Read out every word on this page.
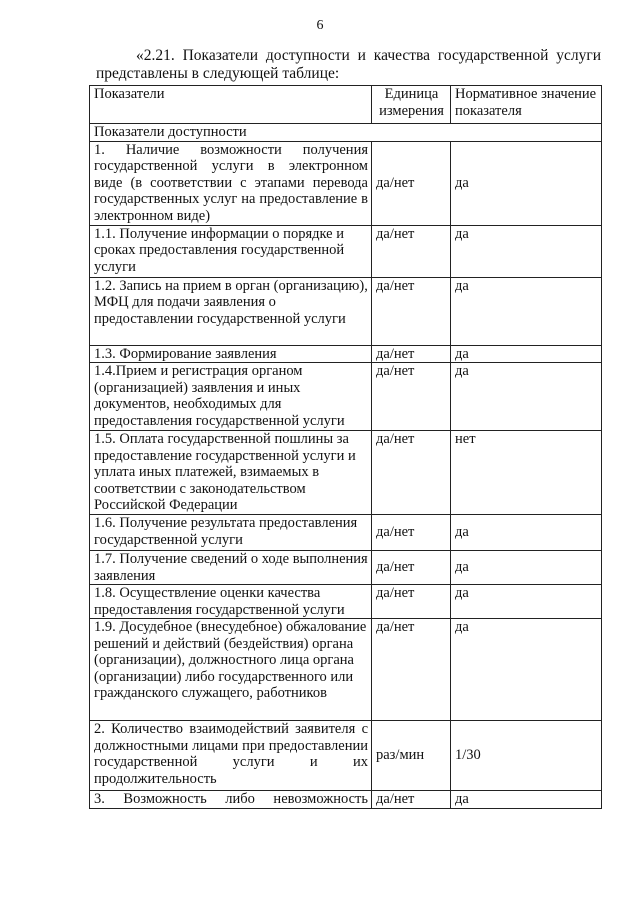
6
«2.21. Показатели доступности и качества государственной услуги представлены в следующей таблице:
Показатели	Единица измерения	Нормативное значение показателя
Показатели доступности		
1. Наличие возможности получения государственной услуги в электронном виде (в соответствии с этапами перевода государственных услуг на предоставление в электронном виде)	да/нет	да
1.1. Получение информации о порядке и сроках предоставления государственной услуги	да/нет	да
1.2. Запись на прием в орган (организацию), МФЦ для подачи заявления о предоставлении государственной услуги	да/нет	да
1.3. Формирование заявления	да/нет	да
1.4.Прием и регистрация органом (организацией) заявления и иных документов, необходимых для предоставления государственной услуги	да/нет	да
1.5. Оплата государственной пошлины за предоставление государственной услуги и уплата иных платежей, взимаемых в соответствии с законодательством Российской Федерации	да/нет	нет
1.6. Получение результата предоставления государственной услуги	да/нет	да
1.7. Получение сведений о ходе выполнения заявления	да/нет	да
1.8. Осуществление оценки качества предоставления государственной услуги	да/нет	да
1.9. Досудебное (внесудебное) обжалование решений и действий (бездействия) органа (организации), должностного лица органа (организации) либо государственного или гражданского служащего, работников	да/нет	да
2. Количество взаимодействий заявителя с должностными лицами при предоставлении государственной услуги и их продолжительность	раз/мин	1/30
3. Возможность либо невозможность	да/нет	да
